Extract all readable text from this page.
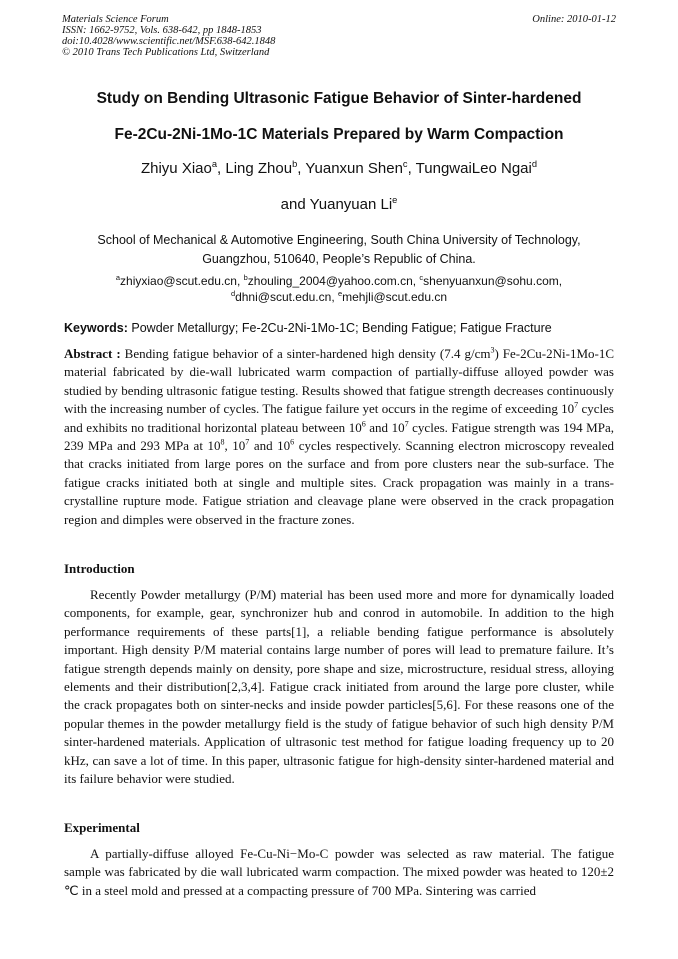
Materials Science Forum	Online: 2010-01-12
ISSN: 1662-9752, Vols. 638-642, pp 1848-1853
doi:10.4028/www.scientific.net/MSF.638-642.1848
© 2010 Trans Tech Publications Ltd, Switzerland
Study on Bending Ultrasonic Fatigue Behavior of Sinter-hardened
Fe-2Cu-2Ni-1Mo-1C Materials Prepared by Warm Compaction
Zhiyu Xiao$^a$, Ling Zhou$^b$, Yuanxun Shen$^c$, TungwaiLeo Ngai$^d$
and Yuanyuan Li$^e$
School of Mechanical & Automotive Engineering, South China University of Technology,
Guangzhou, 510640, People’s Republic of China.
$^a$zhiyxiao@scut.edu.cn, $^b$zhouling_2004@yahoo.com.cn, $^c$shenyuanxun@sohu.com,
$^d$dhni@scut.edu.cn, $^e$mehjli@scut.edu.cn
Keywords: Powder Metallurgy; Fe-2Cu-2Ni-1Mo-1C; Bending Fatigue; Fatigue Fracture
Abstract : Bending fatigue behavior of a sinter-hardened high density (7.4 $g/cm^3$) Fe-2Cu-2Ni-1Mo-1C material fabricated by die-wall lubricated warm compaction of partially-diffuse alloyed powder was studied by bending ultrasonic fatigue testing. Results showed that fatigue strength decreases continuously with the increasing number of cycles. The fatigue failure yet occurs in the regime of exceeding $10^7$ cycles and exhibits no traditional horizontal plateau between $10^6$ and $10^7$ cycles. Fatigue strength was 194 MPa, 239 MPa and 293 MPa at $10^8$, $10^7$ and $10^6$ cycles respectively. Scanning electron microscopy revealed that cracks initiated from large pores on the surface and from pore clusters near the sub-surface. The fatigue cracks initiated both at single and multiple sites. Crack propagation was mainly in a trans-crystalline rupture mode. Fatigue striation and cleavage plane were observed in the crack propagation region and dimples were observed in the fracture zones.
Introduction
Recently Powder metallurgy (P/M) material has been used more and more for dynamically loaded components, for example, gear, synchronizer hub and conrod in automobile. In addition to the high performance requirements of these parts[1], a reliable bending fatigue performance is absolutely important. High density P/M material contains large number of pores will lead to premature failure. It’s fatigue strength depends mainly on density, pore shape and size, microstructure, residual stress, alloying elements and their distribution[2,3,4]. Fatigue crack initiated from around the large pore cluster, while the crack propagates both on sinter-necks and inside powder particles[5,6]. For these reasons one of the popular themes in the powder metallurgy field is the study of fatigue behavior of such high density P/M sinter-hardened materials. Application of ultrasonic test method for fatigue loading frequency up to 20 kHz, can save a lot of time. In this paper, ultrasonic fatigue for high-density sinter-hardened material and its failure behavior were studied.
Experimental
A partially-diffuse alloyed Fe-Cu-Ni−Mo-C powder was selected as raw material. The fatigue sample was fabricated by die wall lubricated warm compaction. The mixed powder was heated to 120±2 ℃ in a steel mold and pressed at a compacting pressure of 700 MPa. Sintering was carried
